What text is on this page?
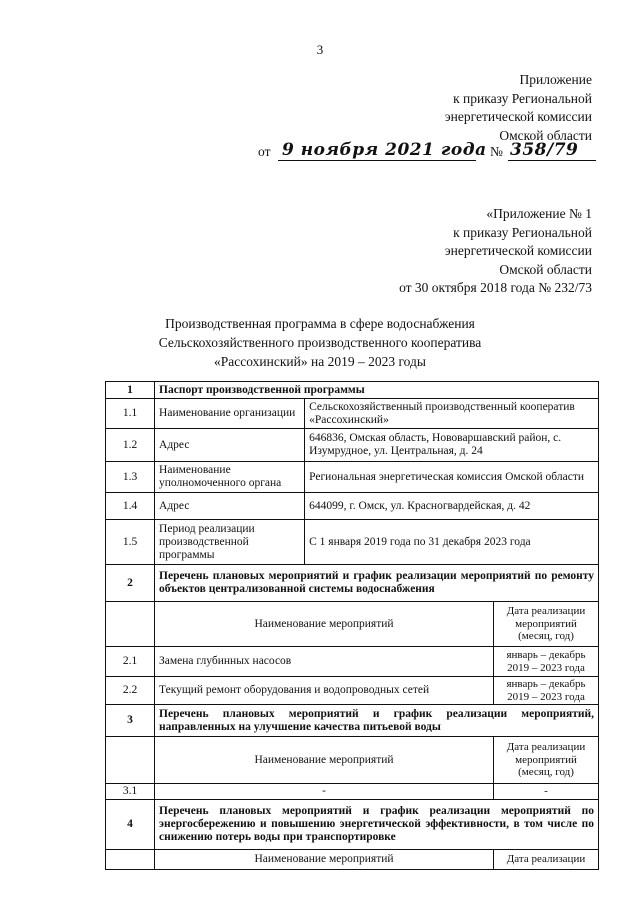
3
Приложение
к приказу Региональной
энергетической комиссии
Омской области
от 9 ноября 2021 года № 358/79
«Приложение № 1
к приказу Региональной
энергетической комиссии
Омской области
от 30 октября 2018 года № 232/73
Производственная программа в сфере водоснабжения
Сельскохозяйственного производственного кооператива
«Рассохинский» на 2019 – 2023 годы
1	Паспорт производственной программы		
1.1	Наименование организации	Сельскохозяйственный производственный кооператив «Рассохинский»	
1.2	Адрес	646836, Омская область, Нововаршавский район, с. Изумрудное, ул. Центральная, д. 24	
1.3	Наименование уполномоченного органа	Региональная энергетическая комиссия Омской области	
1.4	Адрес	644099, г. Омск, ул. Красногвардейская, д. 42	
1.5	Период реализации производственной программы	С 1 января 2019 года по 31 декабря 2023 года	
2	Перечень плановых мероприятий и график реализации мероприятий по ремонту объектов централизованной системы водоснабжения		
	Наименование мероприятий		Дата реализации мероприятий (месяц, год)
2.1	Замена глубинных насосов		январь – декабрь 2019 – 2023 года
2.2	Текущий ремонт оборудования и водопроводных сетей		январь – декабрь 2019 – 2023 года
3	Перечень плановых мероприятий и график реализации мероприятий, направленных на улучшение качества питьевой воды		
	Наименование мероприятий		Дата реализации мероприятий (месяц, год)
3.1	-		-
4	Перечень плановых мероприятий и график реализации мероприятий по энергосбережению и повышению энергетической эффективности, в том числе по снижению потерь воды при транспортировке		
	Наименование мероприятий		Дата реализации
